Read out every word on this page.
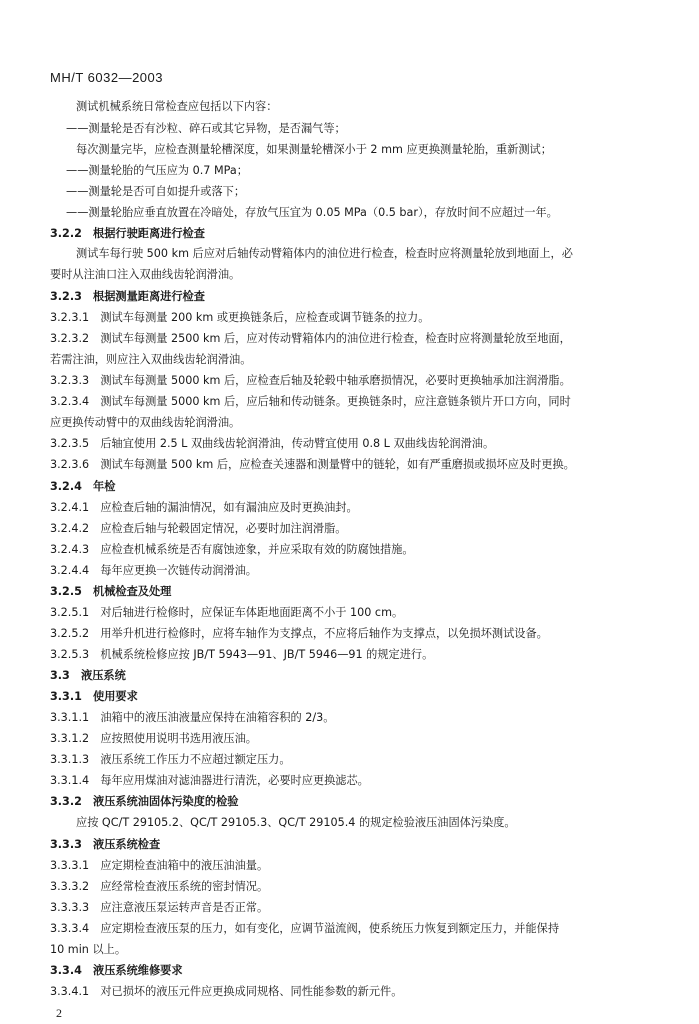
MH/T 6032—2003
测试机械系统日常检查应包括以下内容：
——测量轮是否有沙粒、碎石或其它异物，是否漏气等；
每次测量完毕，应检查测量轮槽深度，如果测量轮槽深小于 2 mm 应更换测量轮胎，重新测试；
——测量轮胎的气压应为 0.7 MPa；
——测量轮是否可自如提升或落下；
——测量轮胎应垂直放置在冷暗处，存放气压宜为 0.05 MPa（0.5 bar），存放时间不应超过一年。
3.2.2　根据行驶距离进行检查
测试车每行驶 500 km 后应对后轴传动臂箱体内的油位进行检查，检查时应将测量轮放到地面上，必
要时从注油口注入双曲线齿轮润滑油。
3.2.3　根据测量距离进行检查
3.2.3.1　测试车每测量 200 km 或更换链条后，应检查或调节链条的拉力。
3.2.3.2　测试车每测量 2500 km 后，应对传动臂箱体内的油位进行检查，检查时应将测量轮放至地面，
若需注油，则应注入双曲线齿轮润滑油。
3.2.3.3　测试车每测量 5000 km 后，应检查后轴及轮毂中轴承磨损情况，必要时更换轴承加注润滑脂。
3.2.3.4　测试车每测量 5000 km 后，应后轴和传动链条。更换链条时，应注意链条锁片开口方向，同时
应更换传动臂中的双曲线齿轮润滑油。
3.2.3.5　后轴宜使用 2.5 L 双曲线齿轮润滑油，传动臂宜使用 0.8 L 双曲线齿轮润滑油。
3.2.3.6　测试车每测量 500 km 后，应检查关速器和测量臂中的链轮，如有严重磨损或损坏应及时更换。
3.2.4　年检
3.2.4.1　应检查后轴的漏油情况，如有漏油应及时更换油封。
3.2.4.2　应检查后轴与轮毂固定情况，必要时加注润滑脂。
3.2.4.3　应检查机械系统是否有腐蚀迹象，并应采取有效的防腐蚀措施。
3.2.4.4　每年应更换一次链传动润滑油。
3.2.5　机械检查及处理
3.2.5.1　对后轴进行检修时，应保证车体距地面距离不小于 100 cm。
3.2.5.2　用举升机进行检修时，应将车轴作为支撑点，不应将后轴作为支撑点，以免损坏测试设备。
3.2.5.3　机械系统检修应按 JB/T 5943—91、JB/T 5946—91 的规定进行。
3.3　液压系统
3.3.1　使用要求
3.3.1.1　油箱中的液压油液量应保持在油箱容积的 2/3。
3.3.1.2　应按照使用说明书选用液压油。
3.3.1.3　液压系统工作压力不应超过额定压力。
3.3.1.4　每年应用煤油对滤油器进行清洗，必要时应更换滤芯。
3.3.2　液压系统油固体污染度的检验
应按 QC/T 29105.2、QC/T 29105.3、QC/T 29105.4 的规定检验液压油固体污染度。
3.3.3　液压系统检查
3.3.3.1　应定期检查油箱中的液压油油量。
3.3.3.2　应经常检查液压系统的密封情况。
3.3.3.3　应注意液压泵运转声音是否正常。
3.3.3.4　应定期检查液压泵的压力，如有变化，应调节溢流阀，使系统压力恢复到额定压力，并能保持
10 min 以上。
3.3.4　液压系统维修要求
3.3.4.1　对已损坏的液压元件应更换成同规格、同性能参数的新元件。
2
